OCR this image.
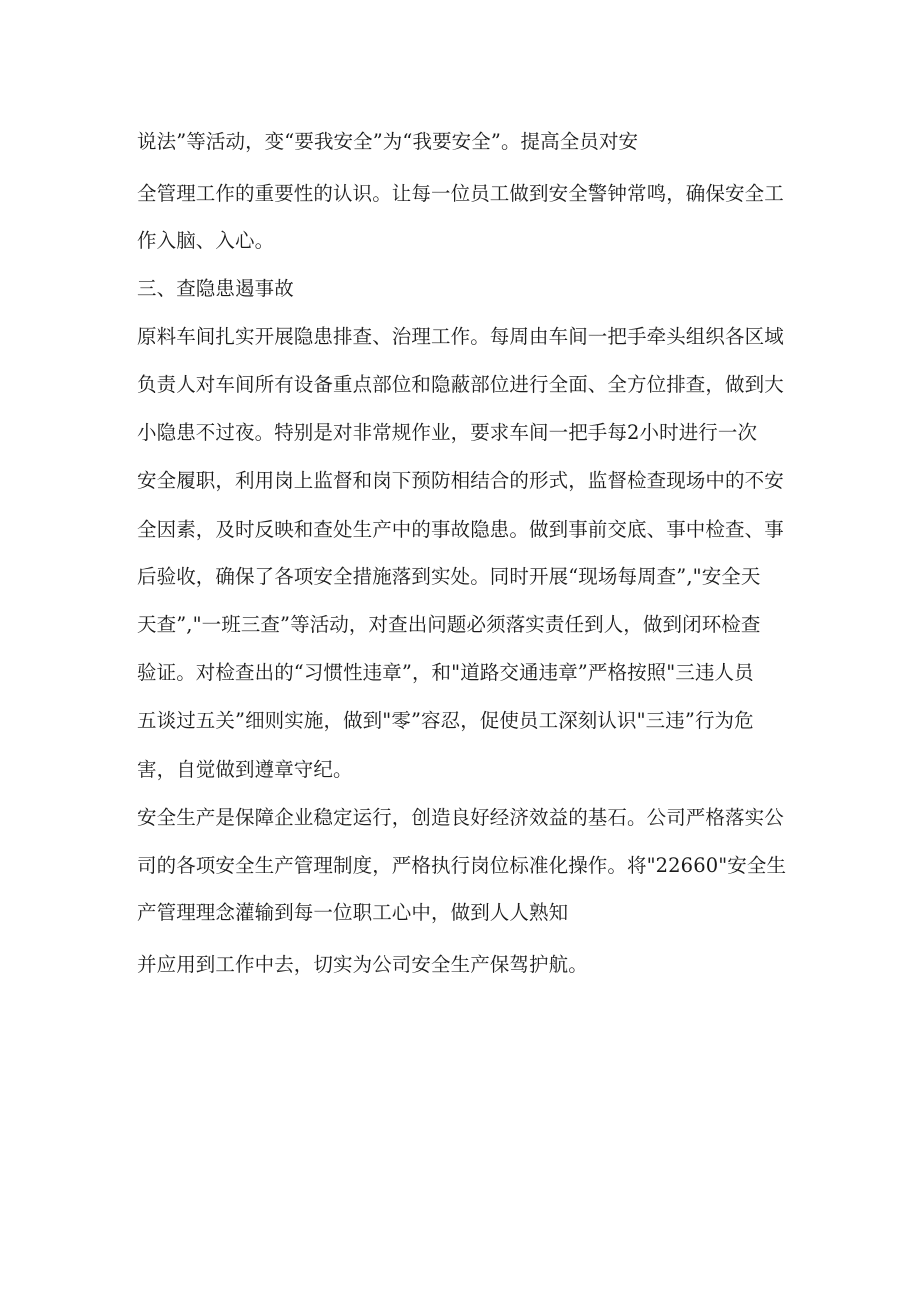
说法”等活动，变“要我安全”为“我要安全”。提高全员对安
全管理工作的重要性的认识。让每一位员工做到安全警钟常鸣，确保安全工
作入脑、入心。
三、查隐患遏事故
原料车间扎实开展隐患排查、治理工作。每周由车间一把手牵头组织各区域
负责人对车间所有设备重点部位和隐蔽部位进行全面、全方位排查，做到大
小隐患不过夜。特别是对非常规作业，要求车间一把手每2小时进行一次
安全履职，利用岗上监督和岗下预防相结合的形式，监督检查现场中的不安
全因素，及时反映和查处生产中的事故隐患。做到事前交底、事中检查、事
后验收，确保了各项安全措施落到实处。同时开展“现场每周查”,"安全天
天查”,"一班三查”等活动，对查出问题必须落实责任到人，做到闭环检查
验证。对检查出的“习惯性违章”，和"道路交通违章”严格按照"三违人员
五谈过五关”细则实施，做到"零”容忍，促使员工深刻认识"三违”行为危
害，自觉做到遵章守纪。
安全生产是保障企业稳定运行，创造良好经济效益的基石。公司严格落实公
司的各项安全生产管理制度，严格执行岗位标准化操作。将"22660"安全生
产管理理念灌输到每一位职工心中，做到人人熟知
并应用到工作中去，切实为公司安全生产保驾护航。
